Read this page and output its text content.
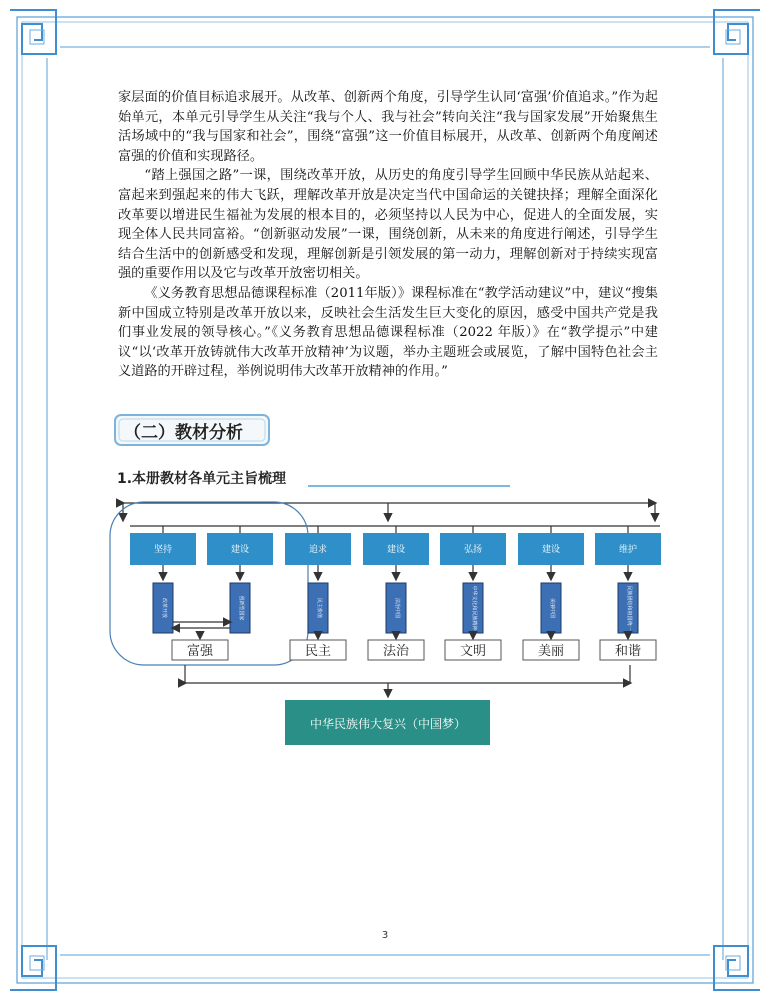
家层面的价值目标追求展开。从改革、创新两个角度，引导学生认同‘富强’价值追求。”作为起始单元，本单元引导学生从关注“我与个人、我与社会”转向关注“我与国家发展”开始聚焦生活场域中的“我与国家和社会”，围绕“富强”这一价值目标展开，从改革、创新两个角度阐述富强的价值和实现路径。

“踏上强国之路”一课，围绕改革开放，从历史的角度引导学生回顾中华民族从站起来、富起来到强起来的伟大飞跃，理解改革开放是决定当代中国命运的关键抉择；理解全面深化改革要以增进民生福祉为发展的根本目的，必须坚持以人民为中心，促进人的全面发展，实现全体人民共同富裕。“创新驱动发展”一课，围绕创新，从未来的角度进行阐述，引导学生结合生活中的创新感受和发现，理解创新是引领发展的第一动力，理解创新对于持续实现富强的重要作用以及它与改革开放密切相关。

《义务教育思想品德课程标准（2011年版）》课程标准在“教学活动建议”中，建议“搜集新中国成立特别是改革开放以来，反映社会生活发生巨大变化的原因，感受中国共产党是我们事业发展的领导核心。”《义务教育思想品德课程标准（2022 年版）》在“教学提示”中建议“以‘改革开放铸就伟大改革开放精神’为议题，举办主题班会或展览，了解中国特色社会主义道路的开辟过程，举例说明伟大改革开放精神的作用。”

（二）教材分析
1.本册教材各单元主旨梳理
坚持	建设	追求	建设	弘扬	建设	维护
改革开放	创新型国家	民主价值	法治中国	中华文化和民族精神	美丽中国	民族团结和祖国统一
富强	民主	法治	文明	美丽	和谐
中华民族伟大复兴（中国梦）
3
